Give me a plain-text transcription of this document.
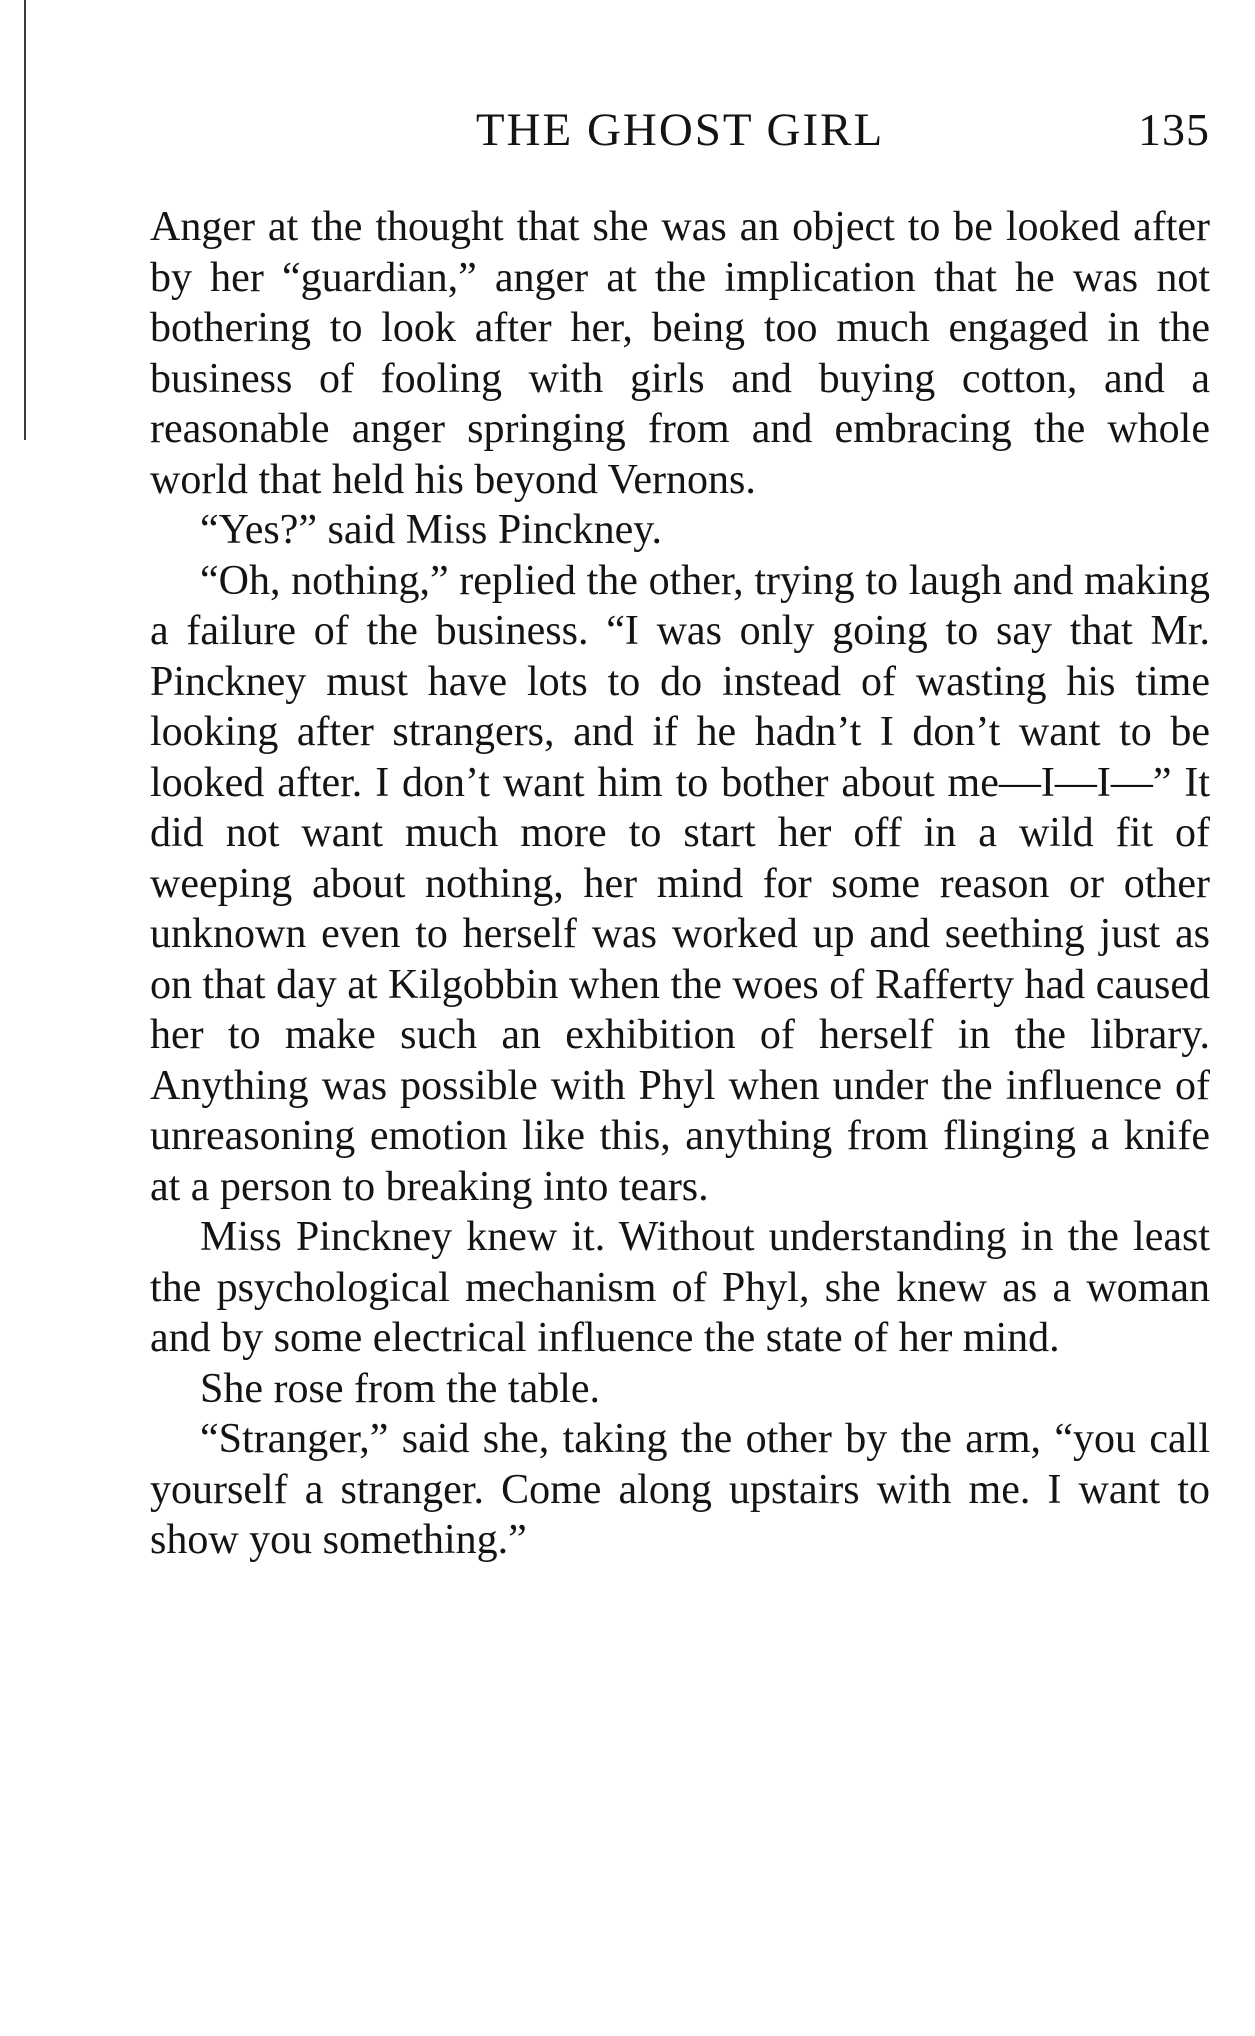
THE GHOST GIRL	135

Anger at the thought that she was an object to be looked after by her “guardian,” anger at the implication that he was not bothering to look after her, being too much engaged in the business of fooling with girls and buying cotton, and a reasonable anger springing from and embracing the whole world that held his beyond Vernons.

“Yes?” said Miss Pinckney.

“Oh, nothing,” replied the other, trying to laugh and making a failure of the business. “I was only going to say that Mr. Pinckney must have lots to do instead of wasting his time looking after strangers, and if he hadn’t I don’t want to be looked after. I don’t want him to bother about me—I—I—” It did not want much more to start her off in a wild fit of weeping about nothing, her mind for some reason or other unknown even to herself was worked up and seething just as on that day at Kilgobbin when the woes of Rafferty had caused her to make such an exhibition of herself in the library. Anything was possible with Phyl when under the influence of unreasoning emotion like this, anything from flinging a knife at a person to breaking into tears.

Miss Pinckney knew it. Without understanding in the least the psychological mechanism of Phyl, she knew as a woman and by some electrical influence the state of her mind.

She rose from the table.

“Stranger,” said she, taking the other by the arm, “you call yourself a stranger. Come along upstairs with me. I want to show you something.”
